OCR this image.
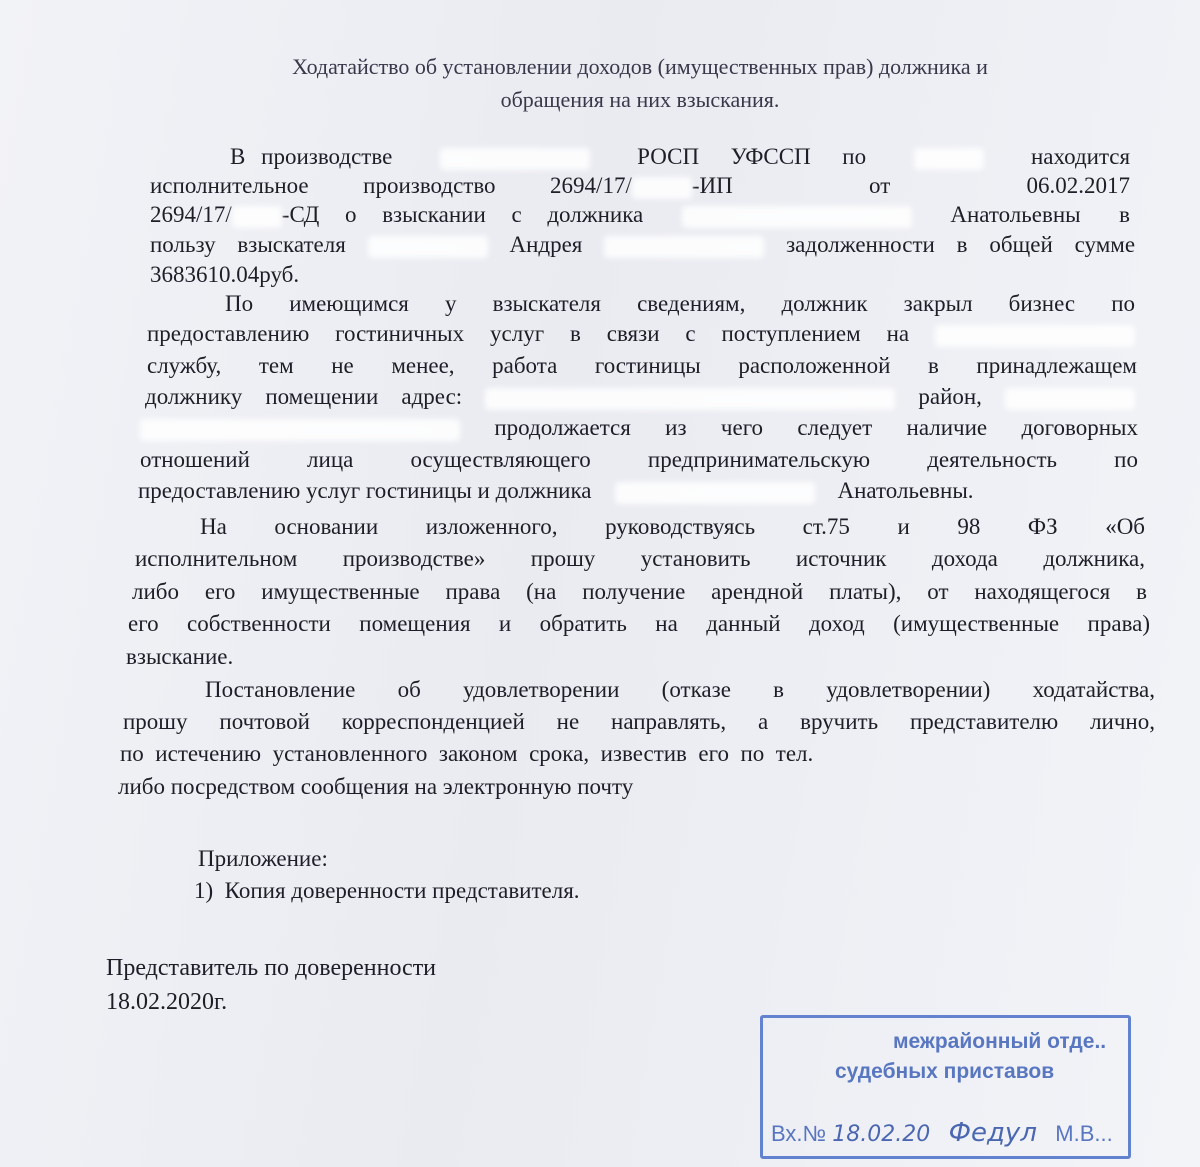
Ходатайство об установлении доходов (имущественных прав) должника и
обращения на них взыскания.
В производстве	РОСП  УФССП  по	находится
исполнительное  производство  2694/17/	-ИП	от     06.02.2017
2694/17/ -СД  о  взыскании  с  должника	Анатольевны   в
пользу взыскателя	Андрея	задолженности в общей сумме
3683610.04руб.
По  имеющимся  у  взыскателя  сведениям,  должник  закрыл  бизнес  по
предоставлению  гостиничных  услуг  в  связи  с  поступлением  на
службу,  тем  не  менее,  работа  гостиницы  расположенной  в  принадлежащем
должнику помещении адрес:	район,
продолжается  из  чего  следует  наличие  договорных
отношений  лица  осуществляющего  предпринимательскую  деятельность  по
предоставлению услуг гостиницы и должника	Анатольевны.
На  основании  изложенного,  руководствуясь  ст.75  и  98  ФЗ  «Об
исполнительном  производстве»  прошу  установить  источник  дохода  должника,
либо его имущественные права (на получение арендной платы), от находящегося в
его собственности помещения и обратить на данный доход (имущественные права)
взыскание.
Постановление  об  удовлетворении  (отказе  в  удовлетворении)  ходатайства,
прошу почтовой корреспонденцией не направлять, а вручить представителю лично,
по  истечению  установленного  законом  срока,  известив  его  по  тел.
либо посредством сообщения на электронную почту
Приложение:
1)  Копия доверенности представителя.
Представитель по доверенности
18.02.2020г.
межрайонный отде..
судебных приставов
Вх.№ 18.02.20 Федул М.В...
